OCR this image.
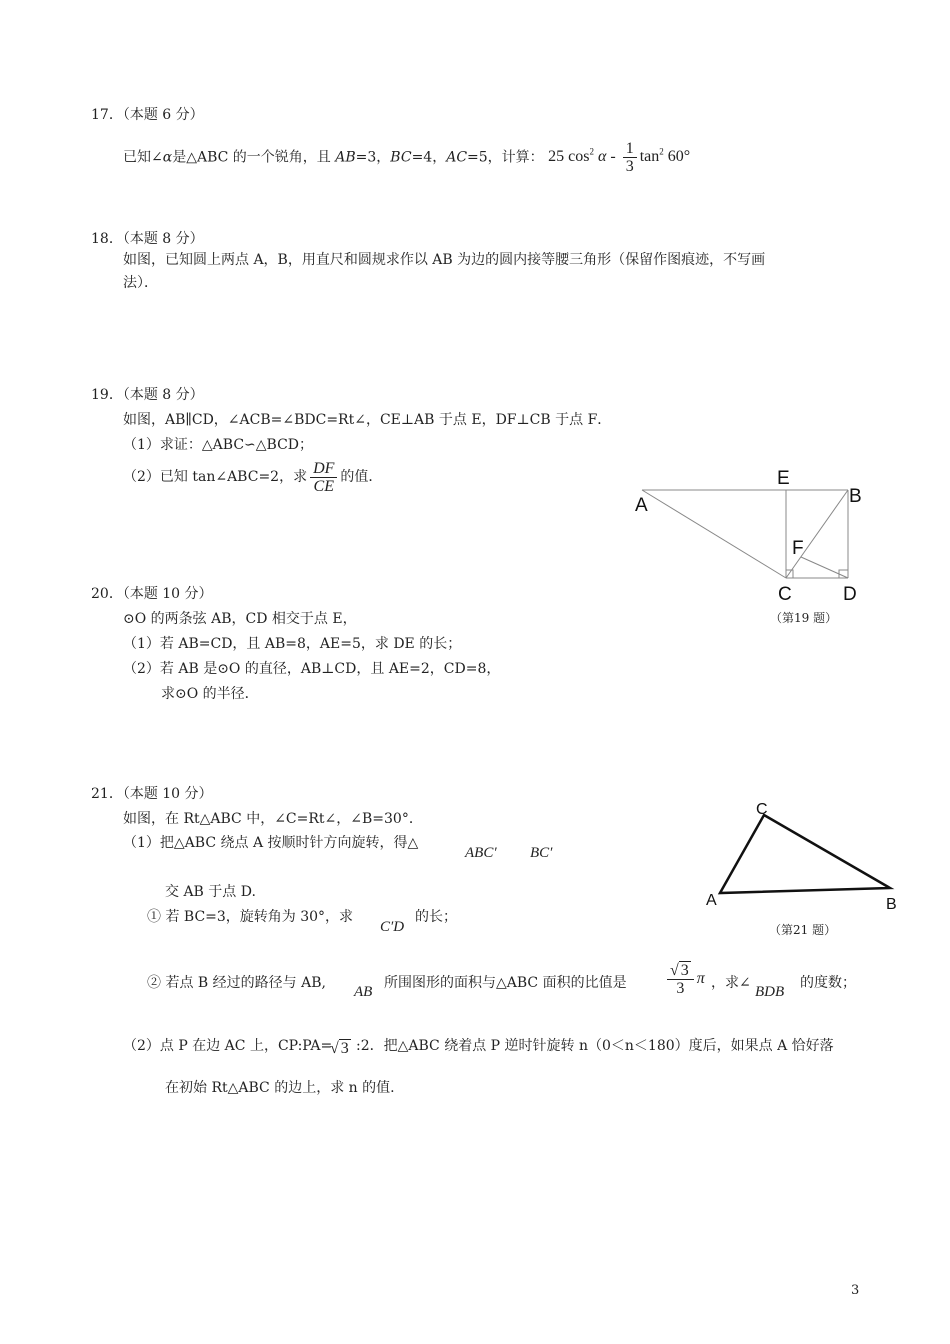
17．（本题 6 分）
已知∠α是△ABC 的一个锐角，且 AB=3，BC=4，AC=5，计算： 25 $\cos^2 \alpha - \frac{1}{3} \tan^2 60^\circ$
18．（本题 8 分）
如图，已知圆上两点 A，B，用直尺和圆规求作以 AB 为边的圆内接等腰三角形（保留作图痕迹，不写画
法）．
19．（本题 8 分）
如图，AB∥CD，∠ACB=∠BDC=Rt∠，CE⊥AB 于点 E，DF⊥CB 于点 F．
（1）求证：△ABC∽△BCD；
（2）已知 tan∠ABC=2，求 $\frac{DF}{CE}$ 的值．
A
E
B
F
C	D
（第19 题）
20．（本题 10 分）
⊙O 的两条弦 AB，CD 相交于点 E，
（1）若 AB=CD，且 AB=8，AE=5，求 DE 的长；
（2）若 AB 是⊙O 的直径，AB⊥CD，且 AE=2，CD=8，
求⊙O 的半径．
21．（本题 10 分）
如图，在 Rt△ABC 中，∠C=Rt∠，∠B=30°．
（1）把△ABC 绕点 A 按顺时针方向旋转，得△
ABC′ BC′
交 AB 于点 D.
① 若 BC=3，旋转角为 30°，求
C′D
的长；
② 若点 B 经过的路径与 AB,
AB
所围图形的面积与△ABC 面积的比值是	$\frac{√ 3}{3}$ π ，求∠
BDB
的度数；
（2）点 P 在边 AC 上，CP:PA=
√ 3 :2．把△ABC 绕着点 P 逆时针旋转 n（0＜n＜180）度后，如果点 A 恰好落
在初始 Rt△ABC 的边上，求 n 的值.
C
A	B
（第21 题）
3
